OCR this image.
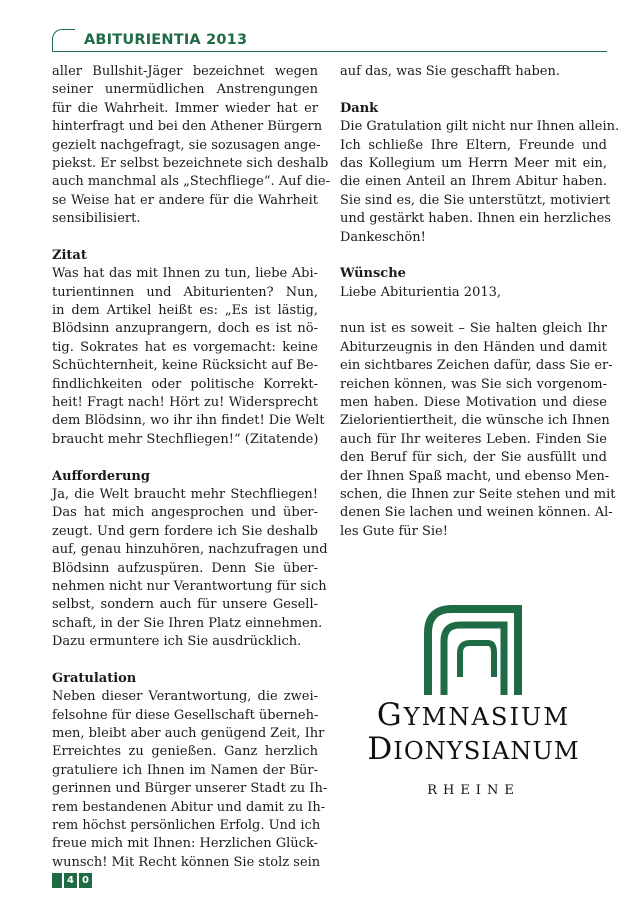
ABITURIENTIA 2013
aller Bullshit-Jäger bezeichnet wegen
seiner unermüdlichen Anstrengungen
für die Wahrheit. Immer wieder hat er
hinterfragt und bei den Athener Bürgern
gezielt nachgefragt, sie sozusagen ange-
piekst. Er selbst bezeichnete sich deshalb
auch manchmal als „Stechfliege“. Auf die-
se Weise hat er andere für die Wahrheit
sensibilisiert.
Zitat
Was hat das mit Ihnen zu tun, liebe Abi-
turientinnen und Abiturienten? Nun,
in dem Artikel heißt es: „Es ist lästig,
Blödsinn anzuprangern, doch es ist nö-
tig. Sokrates hat es vorgemacht: keine
Schüchternheit, keine Rücksicht auf Be-
findlichkeiten oder politische Korrekt-
heit! Fragt nach! Hört zu! Widersprecht
dem Blödsinn, wo ihr ihn findet! Die Welt
braucht mehr Stechfliegen!“ (Zitatende)
Aufforderung
Ja, die Welt braucht mehr Stechfliegen!
Das hat mich angesprochen und über-
zeugt. Und gern fordere ich Sie deshalb
auf, genau hinzuhören, nachzufragen und
Blödsinn aufzuspüren. Denn Sie über-
nehmen nicht nur Verantwortung für sich
selbst, sondern auch für unsere Gesell-
schaft, in der Sie Ihren Platz einnehmen.
Dazu ermuntere ich Sie ausdrücklich.
Gratulation
Neben dieser Verantwortung, die zwei-
felsohne für diese Gesellschaft überneh-
men, bleibt aber auch genügend Zeit, Ihr
Erreichtes zu genießen. Ganz herzlich
gratuliere ich Ihnen im Namen der Bür-
gerinnen und Bürger unserer Stadt zu Ih-
rem bestandenen Abitur und damit zu Ih-
rem höchst persönlichen Erfolg. Und ich
freue mich mit Ihnen: Herzlichen Glück-
wunsch! Mit Recht können Sie stolz sein
auf das, was Sie geschafft haben.
Dank
Die Gratulation gilt nicht nur Ihnen allein.
Ich schließe Ihre Eltern, Freunde und
das Kollegium um Herrn Meer mit ein,
die einen Anteil an Ihrem Abitur haben.
Sie sind es, die Sie unterstützt, motiviert
und gestärkt haben. Ihnen ein herzliches
Dankeschön!
Wünsche
Liebe Abiturientia 2013,
nun ist es soweit – Sie halten gleich Ihr
Abiturzeugnis in den Händen und damit
ein sichtbares Zeichen dafür, dass Sie er-
reichen können, was Sie sich vorgenom-
men haben. Diese Motivation und diese
Zielorientiertheit, die wünsche ich Ihnen
auch für Ihr weiteres Leben. Finden Sie
den Beruf für sich, der Sie ausfüllt und
der Ihnen Spaß macht, und ebenso Men-
schen, die Ihnen zur Seite stehen und mit
denen Sie lachen und weinen können. Al-
les Gute für Sie!
GYMNASIUM
DIONYSIANUM
RHEINE
4 0
